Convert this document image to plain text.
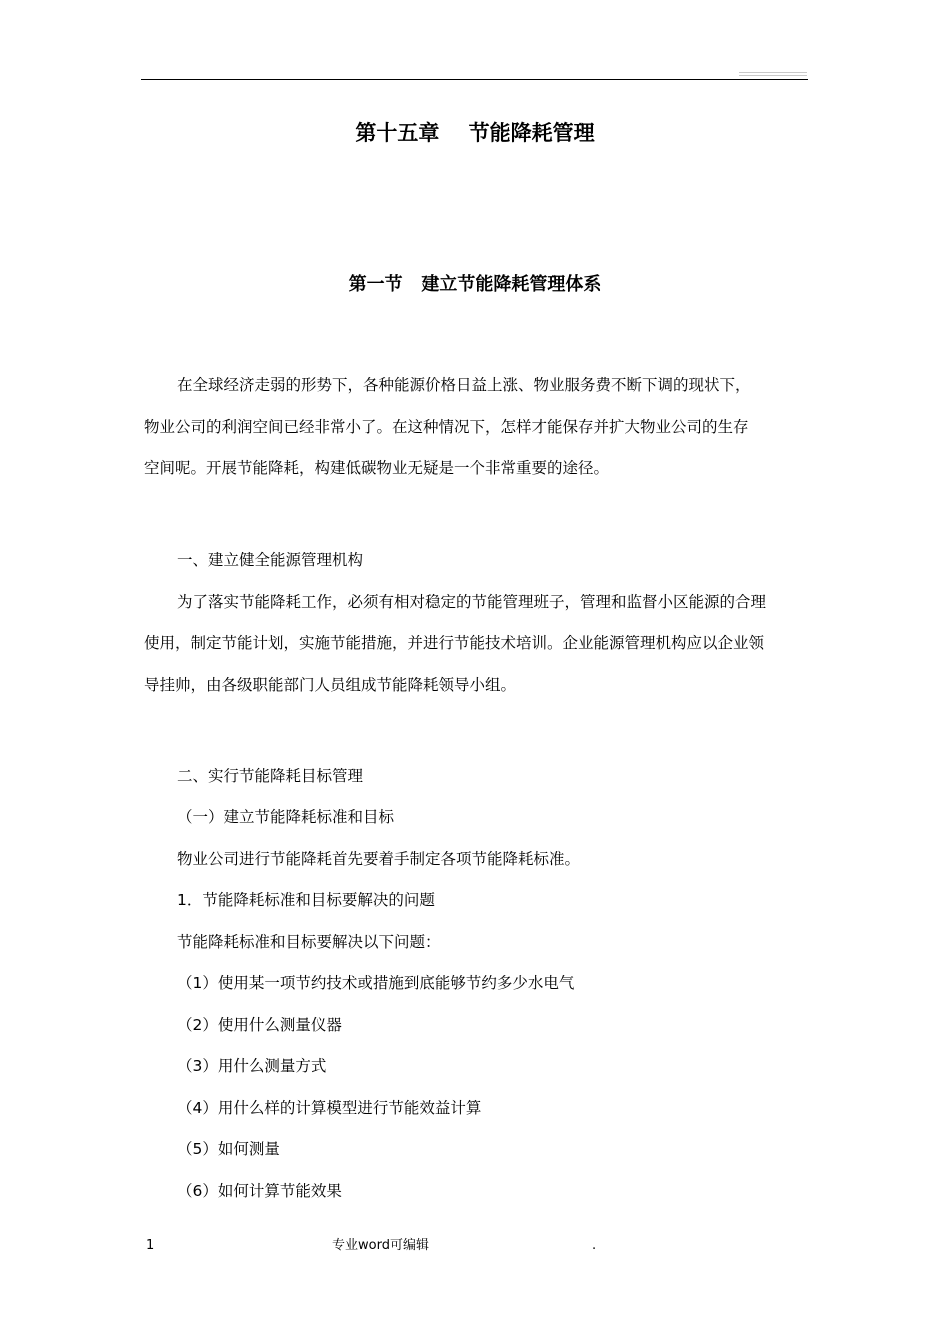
第十五章    节能降耗管理
第一节   建立节能降耗管理体系
在全球经济走弱的形势下，各种能源价格日益上涨、物业服务费不断下调的现状下，
物业公司的利润空间已经非常小了。在这种情况下，怎样才能保存并扩大物业公司的生存
空间呢。开展节能降耗，构建低碳物业无疑是一个非常重要的途径。
一、建立健全能源管理机构
为了落实节能降耗工作，必须有相对稳定的节能管理班子，管理和监督小区能源的合理
使用，制定节能计划，实施节能措施，并进行节能技术培训。企业能源管理机构应以企业领
导挂帅，由各级职能部门人员组成节能降耗领导小组。
二、实行节能降耗目标管理
（一）建立节能降耗标准和目标
物业公司进行节能降耗首先要着手制定各项节能降耗标准。
1．节能降耗标准和目标要解决的问题
节能降耗标准和目标要解决以下问题：
（1）使用某一项节约技术或措施到底能够节约多少水电气
（2）使用什么测量仪器
（3）用什么测量方式
（4）用什么样的计算模型进行节能效益计算
（5）如何测量
（6）如何计算节能效果
1	专业word可编辑	.
